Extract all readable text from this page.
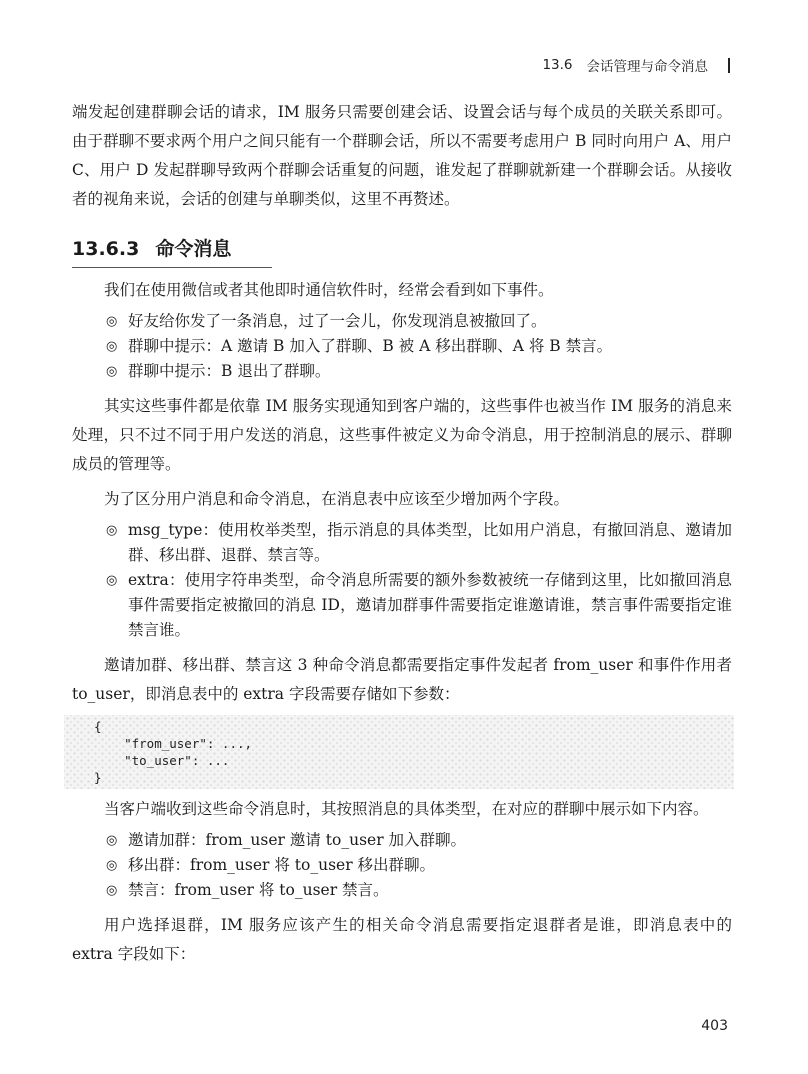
13.6 会话管理与命令消息

端发起创建群聊会话的请求，IM 服务只需要创建会话、设置会话与每个成员的关联关系即可。由于群聊不要求两个用户之间只能有一个群聊会话，所以不需要考虑用户 B 同时向用户 A、用户 C、用户 D 发起群聊导致两个群聊会话重复的问题，谁发起了群聊就新建一个群聊会话。从接收者的视角来说，会话的创建与单聊类似，这里不再赘述。

13.6.3 命令消息

我们在使用微信或者其他即时通信软件时，经常会看到如下事件。

◎ 好友给你发了一条消息，过了一会儿，你发现消息被撤回了。
◎ 群聊中提示：A 邀请 B 加入了群聊、B 被 A 移出群聊、A 将 B 禁言。
◎ 群聊中提示：B 退出了群聊。

其实这些事件都是依靠 IM 服务实现通知到客户端的，这些事件也被当作 IM 服务的消息来处理，只不过不同于用户发送的消息，这些事件被定义为命令消息，用于控制消息的展示、群聊成员的管理等。

为了区分用户消息和命令消息，在消息表中应该至少增加两个字段。

◎ msg_type：使用枚举类型，指示消息的具体类型，比如用户消息，有撤回消息、邀请加群、移出群、退群、禁言等。
◎ extra：使用字符串类型，命令消息所需要的额外参数被统一存储到这里，比如撤回消息事件需要指定被撤回的消息 ID，邀请加群事件需要指定谁邀请谁，禁言事件需要指定谁禁言谁。

邀请加群、移出群、禁言这 3 种命令消息都需要指定事件发起者 from_user 和事件作用者 to_user，即消息表中的 extra 字段需要存储如下参数：

{
"from_user": ...,
"to_user": ...
}

当客户端收到这些命令消息时，其按照消息的具体类型，在对应的群聊中展示如下内容。

◎ 邀请加群：from_user 邀请 to_user 加入群聊。
◎ 移出群：from_user 将 to_user 移出群聊。
◎ 禁言：from_user 将 to_user 禁言。

用户选择退群，IM 服务应该产生的相关命令消息需要指定退群者是谁，即消息表中的 extra 字段如下：

403
